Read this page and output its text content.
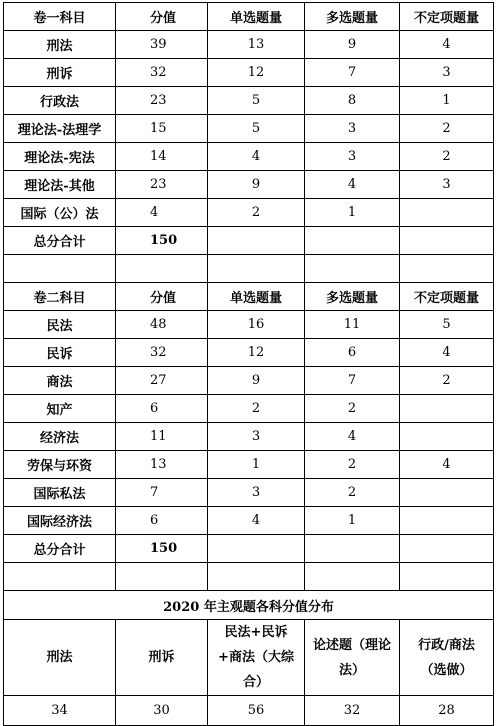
卷一科目	分值	单选题量	多选题量	不定项题量
刑法	39	13	9	4
刑诉	32	12	7	3
行政法	23	5	8	1
理论法-法理学	15	5	3	2
理论法-宪法	14	4	3	2
理论法-其他	23	9	4	3
国际（公）法	4	2	1	
总分合计	150			

卷二科目	分值	单选题量	多选题量	不定项题量
民法	48	16	11	5
民诉	32	12	6	4
商法	27	9	7	2
知产	6	2	2	
经济法	11	3	4	
劳保与环资	13	1	2	4
国际私法	7	3	2	
国际经济法	6	4	1	
总分合计	150			

2020 年主观题各科分值分布				
刑法	刑诉	民法+民诉+商法（大综合）	论述题（理论法）	行政/商法（选做）
34	30	56	32	28
